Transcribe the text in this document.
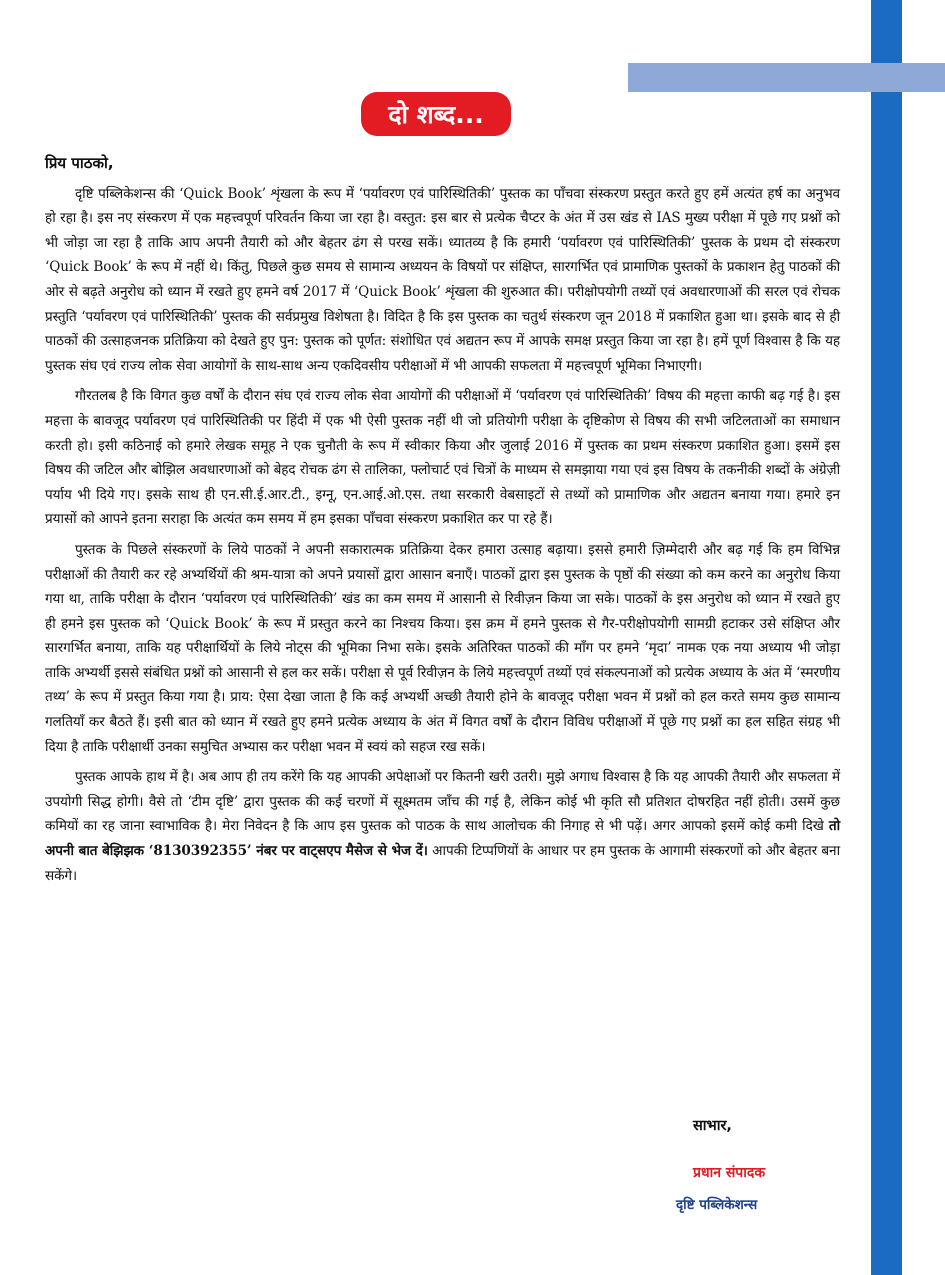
दो शब्द...

प्रिय पाठको,

दृष्टि पब्लिकेशन्स की ‘Quick Book’ शृंखला के रूप में ‘पर्यावरण एवं पारिस्थितिकी’ पुस्तक का पाँचवा संस्करण प्रस्तुत करते हुए हमें अत्यंत हर्ष का अनुभव हो रहा है। इस नए संस्करण में एक महत्त्वपूर्ण परिवर्तन किया जा रहा है। वस्तुत: इस बार से प्रत्येक चैप्टर के अंत में उस खंड से IAS मुख्य परीक्षा में पूछे गए प्रश्नों को भी जोड़ा जा रहा है ताकि आप अपनी तैयारी को और बेहतर ढंग से परख सकें। ध्यातव्य है कि हमारी ‘पर्यावरण एवं पारिस्थितिकी’ पुस्तक के प्रथम दो संस्करण ‘Quick Book’ के रूप में नहीं थे। किंतु, पिछले कुछ समय से सामान्य अध्ययन के विषयों पर संक्षिप्त, सारगर्भित एवं प्रामाणिक पुस्तकों के प्रकाशन हेतु पाठकों की ओर से बढ़ते अनुरोध को ध्यान में रखते हुए हमने वर्ष 2017 में ‘Quick Book’ शृंखला की शुरुआत की। परीक्षोपयोगी तथ्यों एवं अवधारणाओं की सरल एवं रोचक प्रस्तुति ‘पर्यावरण एवं पारिस्थितिकी’ पुस्तक की सर्वप्रमुख विशेषता है। विदित है कि इस पुस्तक का चतुर्थ संस्करण जून 2018 में प्रकाशित हुआ था। इसके बाद से ही पाठकों की उत्साहजनक प्रतिक्रिया को देखते हुए पुन: पुस्तक को पूर्णत: संशोधित एवं अद्यतन रूप में आपके समक्ष प्रस्तुत किया जा रहा है। हमें पूर्ण विश्वास है कि यह पुस्तक संघ एवं राज्य लोक सेवा आयोगों के साथ-साथ अन्य एकदिवसीय परीक्षाओं में भी आपकी सफलता में महत्त्वपूर्ण भूमिका निभाएगी।

गौरतलब है कि विगत कुछ वर्षों के दौरान संघ एवं राज्य लोक सेवा आयोगों की परीक्षाओं में ‘पर्यावरण एवं पारिस्थितिकी’ विषय की महत्ता काफी बढ़ गई है। इस महत्ता के बावजूद पर्यावरण एवं पारिस्थितिकी पर हिंदी में एक भी ऐसी पुस्तक नहीं थी जो प्रतियोगी परीक्षा के दृष्टिकोण से विषय की सभी जटिलताओं का समाधान करती हो। इसी कठिनाई को हमारे लेखक समूह ने एक चुनौती के रूप में स्वीकार किया और जुलाई 2016 में पुस्तक का प्रथम संस्करण प्रकाशित हुआ। इसमें इस विषय की जटिल और बोझिल अवधारणाओं को बेहद रोचक ढंग से तालिका, फ्लोचार्ट एवं चित्रों के माध्यम से समझाया गया एवं इस विषय के तकनीकी शब्दों के अंग्रेज़ी पर्याय भी दिये गए। इसके साथ ही एन.सी.ई.आर.टी., इग्नू, एन.आई.ओ.एस. तथा सरकारी वेबसाइटों से तथ्यों को प्रामाणिक और अद्यतन बनाया गया। हमारे इन प्रयासों को आपने इतना सराहा कि अत्यंत कम समय में हम इसका पाँचवा संस्करण प्रकाशित कर पा रहे हैं।

पुस्तक के पिछले संस्करणों के लिये पाठकों ने अपनी सकारात्मक प्रतिक्रिया देकर हमारा उत्साह बढ़ाया। इससे हमारी ज़िम्मेदारी और बढ़ गई कि हम विभिन्न परीक्षाओं की तैयारी कर रहे अभ्यर्थियों की श्रम-यात्रा को अपने प्रयासों द्वारा आसान बनाएँ। पाठकों द्वारा इस पुस्तक के पृष्ठों की संख्या को कम करने का अनुरोध किया गया था, ताकि परीक्षा के दौरान ‘पर्यावरण एवं पारिस्थितिकी’ खंड का कम समय में आसानी से रिवीज़न किया जा सके। पाठकों के इस अनुरोध को ध्यान में रखते हुए ही हमने इस पुस्तक को ‘Quick Book’ के रूप में प्रस्तुत करने का निश्चय किया। इस क्रम में हमने पुस्तक से गैर-परीक्षोपयोगी सामग्री हटाकर उसे संक्षिप्त और सारगर्भित बनाया, ताकि यह परीक्षार्थियों के लिये नोट्स की भूमिका निभा सके। इसके अतिरिक्त पाठकों की माँग पर हमने ‘मृदा’ नामक एक नया अध्याय भी जोड़ा ताकि अभ्यर्थी इससे संबंधित प्रश्नों को आसानी से हल कर सकें। परीक्षा से पूर्व रिवीज़न के लिये महत्त्वपूर्ण तथ्यों एवं संकल्पनाओं को प्रत्येक अध्याय के अंत में ‘स्मरणीय तथ्य’ के रूप में प्रस्तुत किया गया है। प्राय: ऐसा देखा जाता है कि कई अभ्यर्थी अच्छी तैयारी होने के बावजूद परीक्षा भवन में प्रश्नों को हल करते समय कुछ सामान्य गलतियाँ कर बैठते हैं। इसी बात को ध्यान में रखते हुए हमने प्रत्येक अध्याय के अंत में विगत वर्षों के दौरान विविध परीक्षाओं में पूछे गए प्रश्नों का हल सहित संग्रह भी दिया है ताकि परीक्षार्थी उनका समुचित अभ्यास कर परीक्षा भवन में स्वयं को सहज रख सकें।

पुस्तक आपके हाथ में है। अब आप ही तय करेंगे कि यह आपकी अपेक्षाओं पर कितनी खरी उतरी। मुझे अगाध विश्वास है कि यह आपकी तैयारी और सफलता में उपयोगी सिद्ध होगी। वैसे तो ‘टीम दृष्टि’ द्वारा पुस्तक की कई चरणों में सूक्ष्मतम जाँच की गई है, लेकिन कोई भी कृति सौ प्रतिशत दोषरहित नहीं होती। उसमें कुछ कमियों का रह जाना स्वाभाविक है। मेरा निवेदन है कि आप इस पुस्तक को पाठक के साथ आलोचक की निगाह से भी पढ़ें। अगर आपको इसमें कोई कमी दिखे तो अपनी बात बेझिझक ‘8130392355’ नंबर पर वाट्सएप मैसेज से भेज दें। आपकी टिप्पणियों के आधार पर हम पुस्तक के आगामी संस्करणों को और बेहतर बना सकेंगे।

साभार,
प्रधान संपादक
दृष्टि पब्लिकेशन्स
